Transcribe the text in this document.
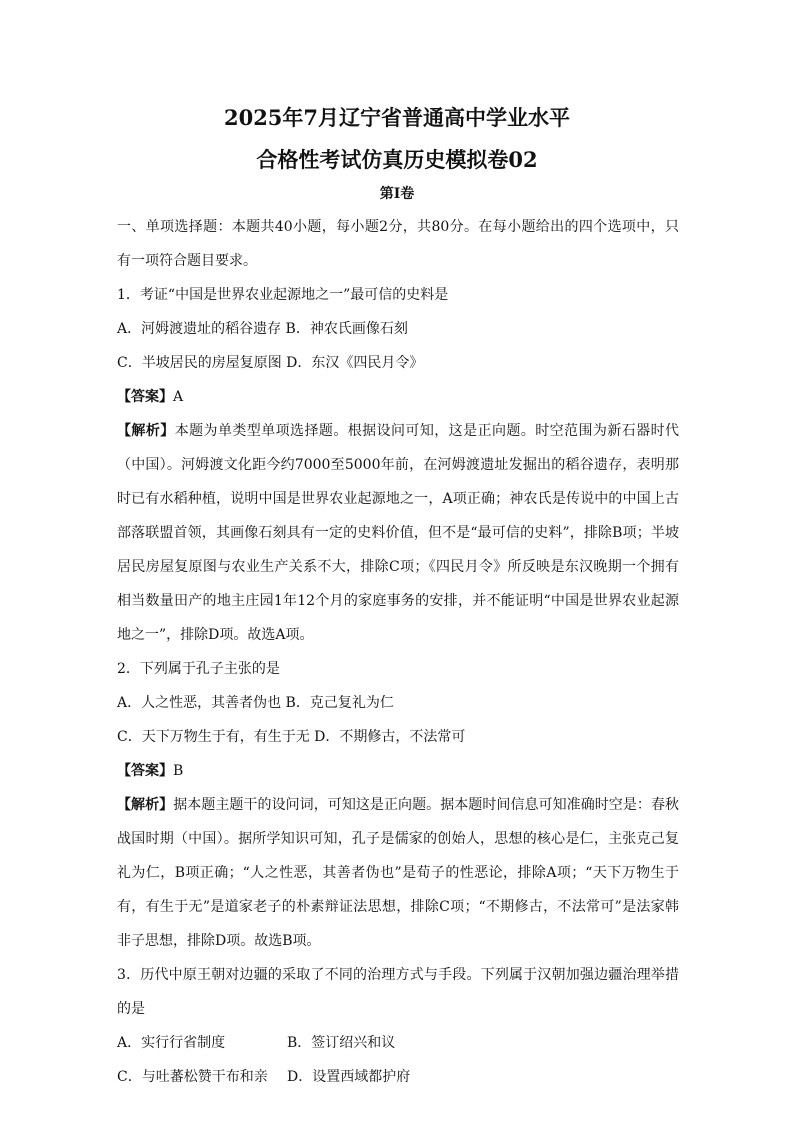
2025年7月辽宁省普通高中学业水平
合格性考试仿真历史模拟卷02
第Ⅰ卷

一、单项选择题：本题共40小题，每小题2分，共80分。在每小题给出的四个选项中，只有一项符合题目要求。

1．考证“中国是世界农业起源地之一”最可信的史料是

A．河姆渡遗址的稻谷遗存 B．神农氏画像石刻

C．半坡居民的房屋复原图 D．东汉《四民月令》

【答案】A

【解析】本题为单类型单项选择题。根据设问可知，这是正向题。时空范围为新石器时代（中国）。河姆渡文化距今约7000至5000年前，在河姆渡遗址发掘出的稻谷遗存，表明那时已有水稻种植，说明中国是世界农业起源地之一，A项正确；神农氏是传说中的中国上古部落联盟首领，其画像石刻具有一定的史料价值，但不是“最可信的史料”，排除B项；半坡居民房屋复原图与农业生产关系不大，排除C项；《四民月令》所反映是东汉晚期一个拥有相当数量田产的地主庄园1年12个月的家庭事务的安排，并不能证明“中国是世界农业起源地之一”，排除D项。故选A项。

2．下列属于孔子主张的是

A．人之性恶，其善者伪也 B．克己复礼为仁

C．天下万物生于有，有生于无 D．不期修古，不法常可

【答案】B

【解析】据本题主题干的设问词，可知这是正向题。据本题时间信息可知准确时空是：春秋战国时期（中国）。据所学知识可知，孔子是儒家的创始人，思想的核心是仁，主张克己复礼为仁，B项正确；“人之性恶，其善者伪也”是荀子的性恶论，排除A项；“天下万物生于有，有生于无”是道家老子的朴素辩证法思想，排除C项；“不期修古，不法常可”是法家韩非子思想，排除D项。故选B项。

3．历代中原王朝对边疆的采取了不同的治理方式与手段。下列属于汉朝加强边疆治理举措的是

A．实行行省制度	B．签订绍兴和议

C．与吐蕃松赞干布和亲 D．设置西域都护府
